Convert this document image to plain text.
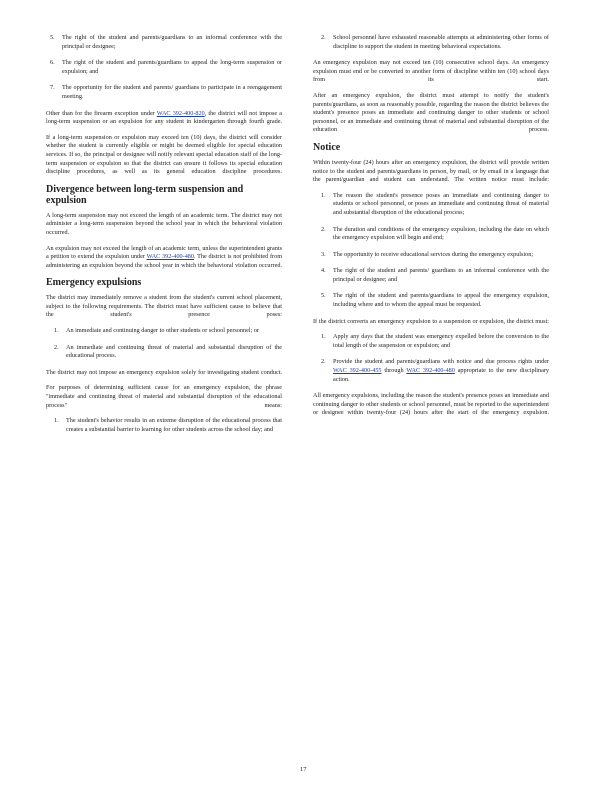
5. The right of the student and parents/guardians to an informal conference with the principal or designee;
6. The right of the student and parents/guardians to appeal the long-term suspension or expulsion; and
7. The opportunity for the student and parents/ guardians to participate in a reengagement meeting.

Other than for the firearm exception under WAC 392-400-820, the district will not impose a long-term suspension or an expulsion for any student in kindergarten through fourth grade.

If a long-term suspension or expulsion may exceed ten (10) days, the district will consider whether the student is currently eligible or might be deemed eligible for special education services. If so, the principal or designee will notify relevant special education staff of the long-term suspension or expulsion so that the district can ensure it follows its special education discipline procedures, as well as its general education discipline procedures.

Divergence between long-term suspension and expulsion

A long-term suspension may not exceed the length of an academic term. The district may not administer a long-term suspension beyond the school year in which the behavioral violation occurred.

An expulsion may not exceed the length of an academic term, unless the superintendent grants a petition to extend the expulsion under WAC 392-400-480. The district is not prohibited from administering an expulsion beyond the school year in which the behavioral violation occurred.

Emergency expulsions

The district may immediately remove a student from the student's current school placement, subject to the following requirements. The district must have sufficient cause to believe that the student's presence poses:

1. An immediate and continuing danger to other students or school personnel; or
2. An immediate and continuing threat of material and substantial disruption of the educational process.

The district may not impose an emergency expulsion solely for investigating student conduct.

For purposes of determining sufficient cause for an emergency expulsion, the phrase "immediate and continuing threat of material and substantial disruption of the educational process" means:

1. The student's behavior results in an extreme disruption of the educational process that creates a substantial barrier to learning for other students across the school day; and
2. School personnel have exhausted reasonable attempts at administering other forms of discipline to support the student in meeting behavioral expectations.

An emergency expulsion may not exceed ten (10) consecutive school days. An emergency expulsion must end or be converted to another form of discipline within ten (10) school days from its start.

After an emergency expulsion, the district must attempt to notify the student's parents/guardians, as soon as reasonably possible, regarding the reason the district believes the student's presence poses an immediate and continuing danger to other students or school personnel, or an immediate and continuing threat of material and substantial disruption of the education process.

Notice

Within twenty-four (24) hours after an emergency expulsion, the district will provide written notice to the student and parents/guardians in person, by mail, or by email in a language that the parent/guardian and student can understand. The written notice must include:

1. The reason the student's presence poses an immediate and continuing danger to students or school personnel, or poses an immediate and continuing threat of material and substantial disruption of the educational process;
2. The duration and conditions of the emergency expulsion, including the date on which the emergency expulsion will begin and end;
3. The opportunity to receive educational services during the emergency expulsion;
4. The right of the student and parents/ guardians to an informal conference with the principal or designee; and
5. The right of the student and parents/guardians to appeal the emergency expulsion, including where and to whom the appeal must be requested.

If the district converts an emergency expulsion to a suspension or expulsion, the district must:

1. Apply any days that the student was emergency expelled before the conversion to the total length of the suspension or expulsion; and
2. Provide the student and parents/guardians with notice and due process rights under WAC 392-400-455 through WAC 392-400-480 appropriate to the new disciplinary action.

All emergency expulsions, including the reason the student's presence poses an immediate and continuing danger to other students or school personnel, must be reported to the superintendent or designee within twenty-four (24) hours after the start of the emergency expulsion.

17
